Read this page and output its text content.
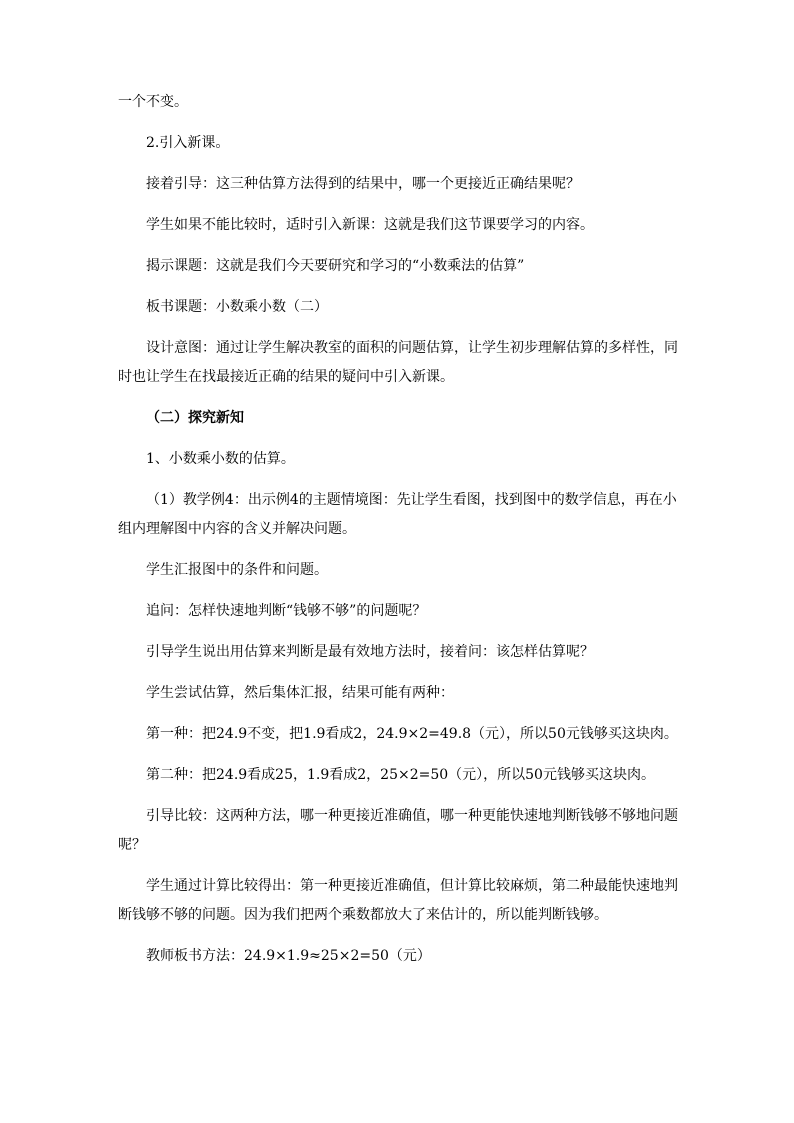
一个不变。

2.引入新课。

接着引导：这三种估算方法得到的结果中，哪一个更接近正确结果呢？

学生如果不能比较时，适时引入新课：这就是我们这节课要学习的内容。

揭示课题：这就是我们今天要研究和学习的“小数乘法的估算”

板书课题：小数乘小数（二）

设计意图：通过让学生解决教室的面积的问题估算，让学生初步理解估算的多样性，同时也让学生在找最接近正确的结果的疑问中引入新课。

（二）探究新知

1、小数乘小数的估算。

（1）教学例4：出示例4的主题情境图：先让学生看图，找到图中的数学信息，再在小组内理解图中内容的含义并解决问题。

学生汇报图中的条件和问题。

追问：怎样快速地判断“钱够不够”的问题呢？

引导学生说出用估算来判断是最有效地方法时，接着问：该怎样估算呢？

学生尝试估算，然后集体汇报，结果可能有两种：

第一种：把24.9不变，把1.9看成2，24.9×2=49.8（元），所以50元钱够买这块肉。

第二种：把24.9看成25，1.9看成2，25×2=50（元），所以50元钱够买这块肉。

引导比较：这两种方法，哪一种更接近准确值，哪一种更能快速地判断钱够不够地问题呢？

学生通过计算比较得出：第一种更接近准确值，但计算比较麻烦，第二种最能快速地判断钱够不够的问题。因为我们把两个乘数都放大了来估计的，所以能判断钱够。

教师板书方法：24.9×1.9≈25×2=50（元）
